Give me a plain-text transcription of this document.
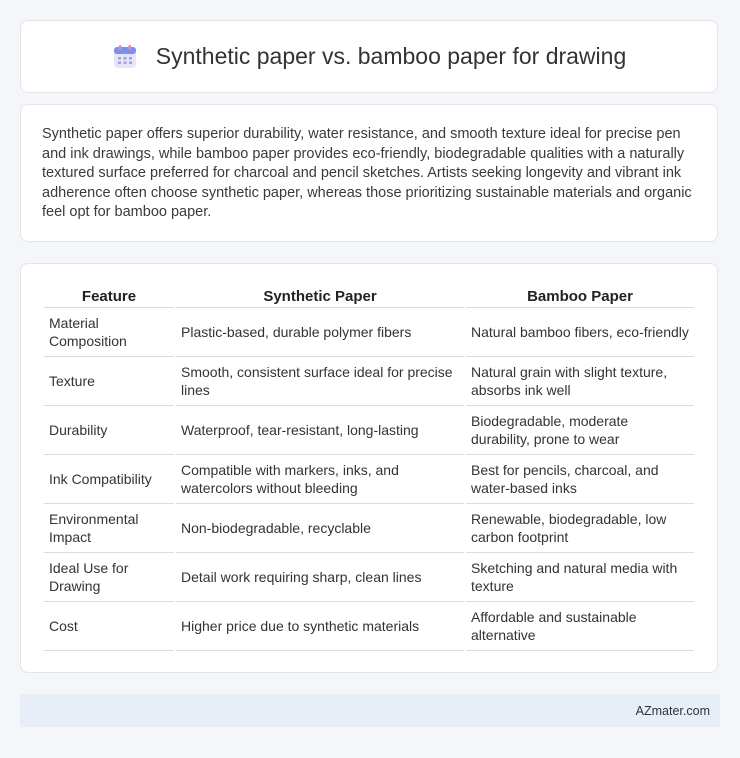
Synthetic paper vs. bamboo paper for drawing

Synthetic paper offers superior durability, water resistance, and smooth texture ideal for precise pen and ink drawings, while bamboo paper provides eco-friendly, biodegradable qualities with a naturally textured surface preferred for charcoal and pencil sketches. Artists seeking longevity and vibrant ink adherence often choose synthetic paper, whereas those prioritizing sustainable materials and organic feel opt for bamboo paper.

Feature	Synthetic Paper	Bamboo Paper
Material Composition	Plastic-based, durable polymer fibers	Natural bamboo fibers, eco-friendly
Texture	Smooth, consistent surface ideal for precise lines	Natural grain with slight texture, absorbs ink well
Durability	Waterproof, tear-resistant, long-lasting	Biodegradable, moderate durability, prone to wear
Ink Compatibility	Compatible with markers, inks, and watercolors without bleeding	Best for pencils, charcoal, and water-based inks
Environmental Impact	Non-biodegradable, recyclable	Renewable, biodegradable, low carbon footprint
Ideal Use for Drawing	Detail work requiring sharp, clean lines	Sketching and natural media with texture
Cost	Higher price due to synthetic materials	Affordable and sustainable alternative
AZmater.com
